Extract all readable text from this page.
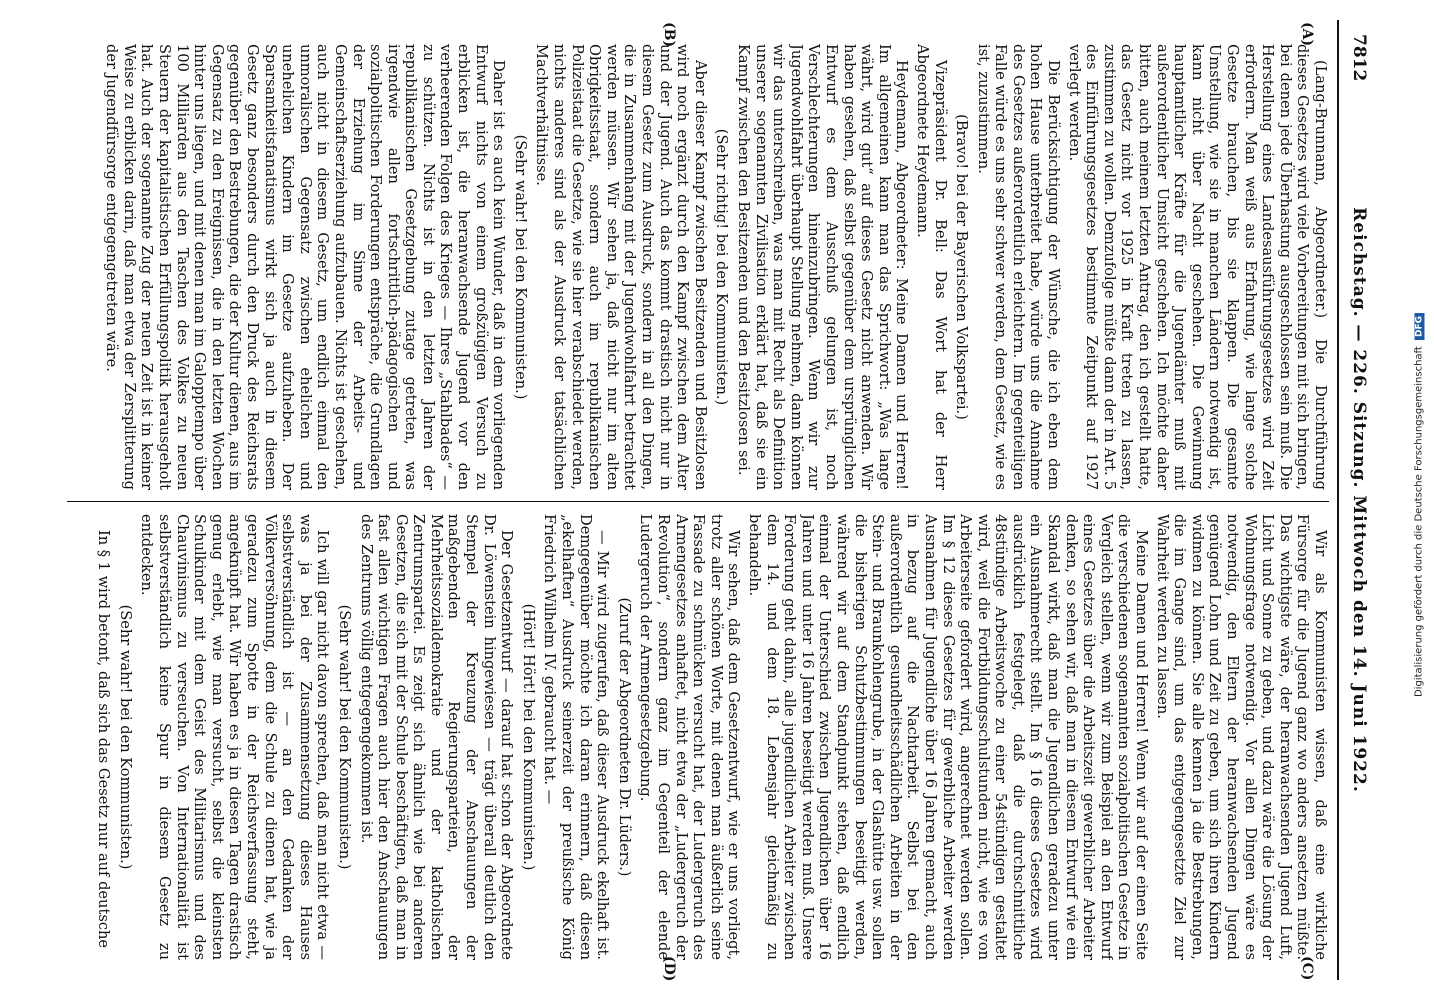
7812
Reichstag. — 226. Sitzung. Mittwoch den 14. Juni 1922.
(A)
(B)
(C)
(D)

(Lang-Brunnann, Abgeordneter.) Die Durchführung dieses Gesetzes wird viele Vorbereitungen mit sich bringen, bei denen jede Überhastung ausgeschlossen sein muß. Die Herstellung eines Landesausführungsgesetzes wird Zeit erfordern. Man weiß aus Erfahrung, wie lange solche Gesetze brauchen, bis sie klappen. Die gesamte Umstellung, wie sie in manchen Ländern notwendig ist, kann nicht über Nacht geschehen. Die Gewinnung hauptamtlicher Kräfte für die Jugendämter muß mit außerordentlicher Umsicht geschehen. Ich möchte daher bitten, auch meinem letzten Antrag, den ich gestellt hatte, das Gesetz nicht vor 1925 in Kraft treten zu lassen, zustimmen zu wollen. Demzufolge müßte dann der in Art. 5 des Einführungsgesetzes bestimmte Zeitpunkt auf 1927 verlegt werden.

Die Berücksichtigung der Wünsche, die ich eben dem hohen Hause unterbreitet habe, würde uns die Annahme des Gesetzes außerordentlich erleichtern. Im gegenteiligen Falle würde es uns sehr schwer werden, dem Gesetz, wie es ist, zuzustimmen.

(Bravo! bei der Bayerischen Volkspartei.)

Vizepräsident Dr. Bell: Das Wort hat der Herr Abgeordnete Heydemann.

Heydemann, Abgeordneter: Meine Damen und Herren! Im allgemeinen kann man das Sprichwort: „Was lange währt, wird gut“ auf dieses Gesetz nicht anwenden. Wir haben gesehen, daß selbst gegenüber dem ursprünglichen Entwurf es dem Ausschuß gelungen ist, noch Verschlechterungen hineinzubringen. Wenn wir zur Jugendwohlfahrt überhaupt Stellung nehmen, dann können wir das unterschreiben, was man mit Recht als Definition unserer sogenannten Zivilisation erklärt hat, daß sie ein Kampf zwischen den Besitzenden und den Besitzlosen sei.

(Sehr richtig! bei den Kommunisten.)

Aber dieser Kampf zwischen Besitzenden und Besitzlosen wird noch ergänzt durch den Kampf zwischen dem Alter und der Jugend. Auch das kommt drastisch nicht nur in diesem Gesetz zum Ausdruck, sondern in all den Dingen, die in Zusammenhang mit der Jugendwohlfahrt betrachtet werden müssen. Wir sehen ja, daß nicht nur im alten Obrigkeitsstaat, sondern auch im republikanischen Polizeistaat die Gesetze, wie sie hier verabschiedet werden, nichts anderes sind als der Ausdruck der tatsächlichen Machtverhältnisse.

(Sehr wahr! bei den Kommunisten.)

Daher ist es auch kein Wunder, daß in dem vorliegenden Entwurf nichts von einem großzügigen Versuch zu erblicken ist, die heranwachsende Jugend vor den verheerenden Folgen des Krieges — Ihres „Stahlbades“ — zu schützen. Nichts ist in den letzten Jahren der republikanischen Gesetzgebung zutage getreten, was irgendwie allen fortschrittlich-pädagogischen und sozialpolitischen Forderungen entspräche, die Grundlagen der Erziehung im Sinne der Arbeits- und Gemeinschaftserziehung aufzubauen. Nichts ist geschehen, auch nicht in diesem Gesetz, um endlich einmal den unmoralischen Gegensatz zwischen ehelichen und unehelichen Kindern im Gesetze aufzuheben. Der Sparsamkeitsfanatismus wirkt sich ja auch in diesem Gesetz ganz besonders durch den Druck des Reichsrats gegenüber den Bestrebungen, die der Kultur dienen, aus im Gegensatz zu den Ereignissen, die in den letzten Wochen hinter uns liegen, und mit denen man im Galopptempo über 100 Milliarden aus den Taschen des Volkes zu neuen Steuern der kapitalistischen Erfüllungspolitik herausgeholt hat. Auch der sogenannte Zug der neuen Zeit ist in keiner Weise zu erblicken darin, daß man etwa der Zersplitterung der Jugendfürsorge entgegengetreten wäre.

Wir als Kommunisten wissen, daß eine wirkliche Fürsorge für die Jugend ganz wo anders ansetzen müßte. Das wichtigste wäre, der heranwachsenden Jugend Luft, Licht und Sonne zu geben, und dazu wäre die Lösung der Wohnungsfrage notwendig. Vor allen Dingen wäre es notwendig, den Eltern der heranwachsenden Jugend genügend Lohn und Zeit zu geben, um sich ihren Kindern widmen zu können. Sie alle kennen ja die Bestrebungen, die im Gange sind, um das entgegengesetzte Ziel zur Wahrheit werden zu lassen.

Meine Damen und Herren! Wenn wir auf der einen Seite die verschiedenen sogenannten sozialpolitischen Gesetze in Vergleich stellen, wenn wir zum Beispiel an den Entwurf eines Gesetzes über die Arbeitszeit gewerblicher Arbeiter denken, so sehen wir, daß man in diesem Entwurf wie ein Skandal wirkt, daß man die Jugendlichen geradezu unter ein Ausnahmerecht stellt. Im § 16 dieses Gesetzes wird ausdrücklich festgelegt, daß die durchschnittliche 48stündige Arbeitswoche zu einer 54stündigen gestaltet wird, weil die Fortbildungsschulstunden nicht, wie es von Arbeiterseite gefordert wird, angerechnet werden sollen. Im § 12 dieses Gesetzes für gewerbliche Arbeiter werden Ausnahmen für Jugendliche über 16 Jahren gemacht, auch in bezug auf die Nachtarbeit. Selbst bei den außerordentlich gesundheitsschädlichen Arbeiten in der Stein- und Braunkohlengrube, in der Glashütte usw. sollen die bisherigen Schutzbestimmungen beseitigt werden, während wir auf dem Standpunkt stehen, daß endlich einmal der Unterschied zwischen Jugendlichen über 16 Jahren und unter 16 Jahren beseitigt werden muß. Unsere Forderung geht dahin, alle jugendlichen Arbeiter zwischen dem 14. und dem 18. Lebensjahr gleichmäßig zu behandeln.

Wir sehen, daß dem Gesetzentwurf, wie er uns vorliegt, trotz aller schönen Worte, mit denen man äußerlich seine Fassade zu schmücken versucht hat, der Ludergeruch des Armengesetzes anhaftet, nicht etwa der „Ludergeruch der Revolution“, sondern ganz im Gegenteil der elende Ludergeruch der Armengesetzgebung.

(Zuruf der Abgeordneten Dr. Lüders.)

— Mir wird zugerufen, daß dieser Ausdruck ekelhaft ist. Demgegenüber möchte ich daran erinnern, daß diesen „ekelhaften“ Ausdruck seinerzeit der preußische König Friedrich Wilhelm IV. gebraucht hat. —

(Hört! Hört! bei den Kommunisten.)

Der Gesetzentwurf — darauf hat schon der Abgeordnete Dr. Löwenstein hingewiesen — trägt überall deutlich den Stempel der Kreuzung der Anschauungen der maßgebenden Regierungsparteien, der Mehrheitssozialdemokratie und der katholischen Zentrumspartei. Es zeigt sich ähnlich wie bei anderen Gesetzen, die sich mit der Schule beschäftigen, daß man in fast allen wichtigen Fragen auch hier den Anschauungen des Zentrums völlig entgegengekommen ist.

(Sehr wahr! bei den Kommunisten.)

Ich will gar nicht davon sprechen, daß man nicht etwa — was ja bei der Zusammensetzung dieses Hauses selbstverständlich ist — an den Gedanken der Völkerversöhnung, dem die Schule zu dienen hat, wie ja geradezu zum Spotte in der Reichsverfassung steht, angeknüpft hat. Wir haben es ja in diesen Tagen drastisch genug erlebt, wie man versucht, selbst die kleinsten Schulkinder mit dem Geist des Militarismus und des Chauvinismus zu verseuchen. Von Internationalität ist selbstverständlich keine Spur in diesem Gesetz zu entdecken.

(Sehr wahr! bei den Kommunisten.)

In § 1 wird betont, daß sich das Gesetz nur auf deutsche

Digitalisierung gefördert durch die Deutsche Forschungsgemeinschaft DFG
